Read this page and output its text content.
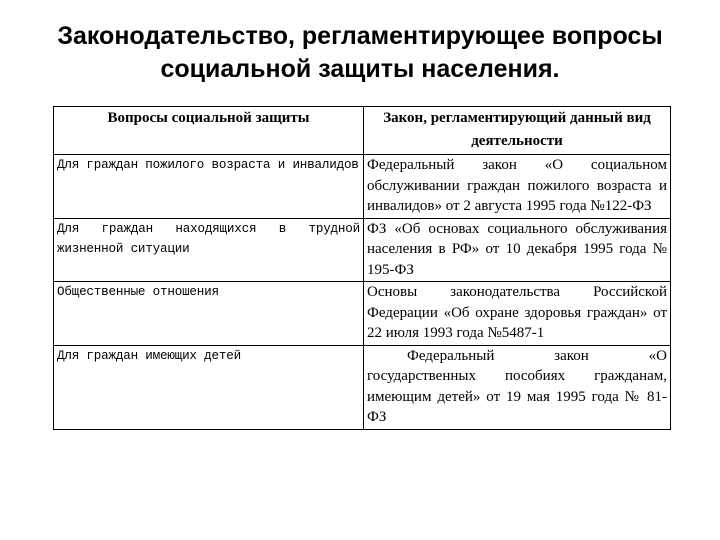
Законодательство, регламентирующее вопросы
социальной защиты населения.
Вопросы социальной защиты	Закон, регламентирующий данный вид деятельности
Для граждан пожилого возраста и инвалидов	Федеральный закон «О социальном обслуживании граждан пожилого возраста и инвалидов» от 2 августа 1995 года №122-ФЗ
Для граждан находящихся в трудной жизненной ситуации	ФЗ «Об основах социального обслуживания населения в РФ» от 10 декабря 1995 года № 195-ФЗ
Общественные отношения	Основы законодательства Российской Федерации «Об охране здоровья граждан» от 22 июля 1993 года №5487-1
Для граждан имеющих детей	Федеральный закон «О государственных пособиях гражданам, имеющим детей» от 19 мая 1995 года № 81-ФЗ
